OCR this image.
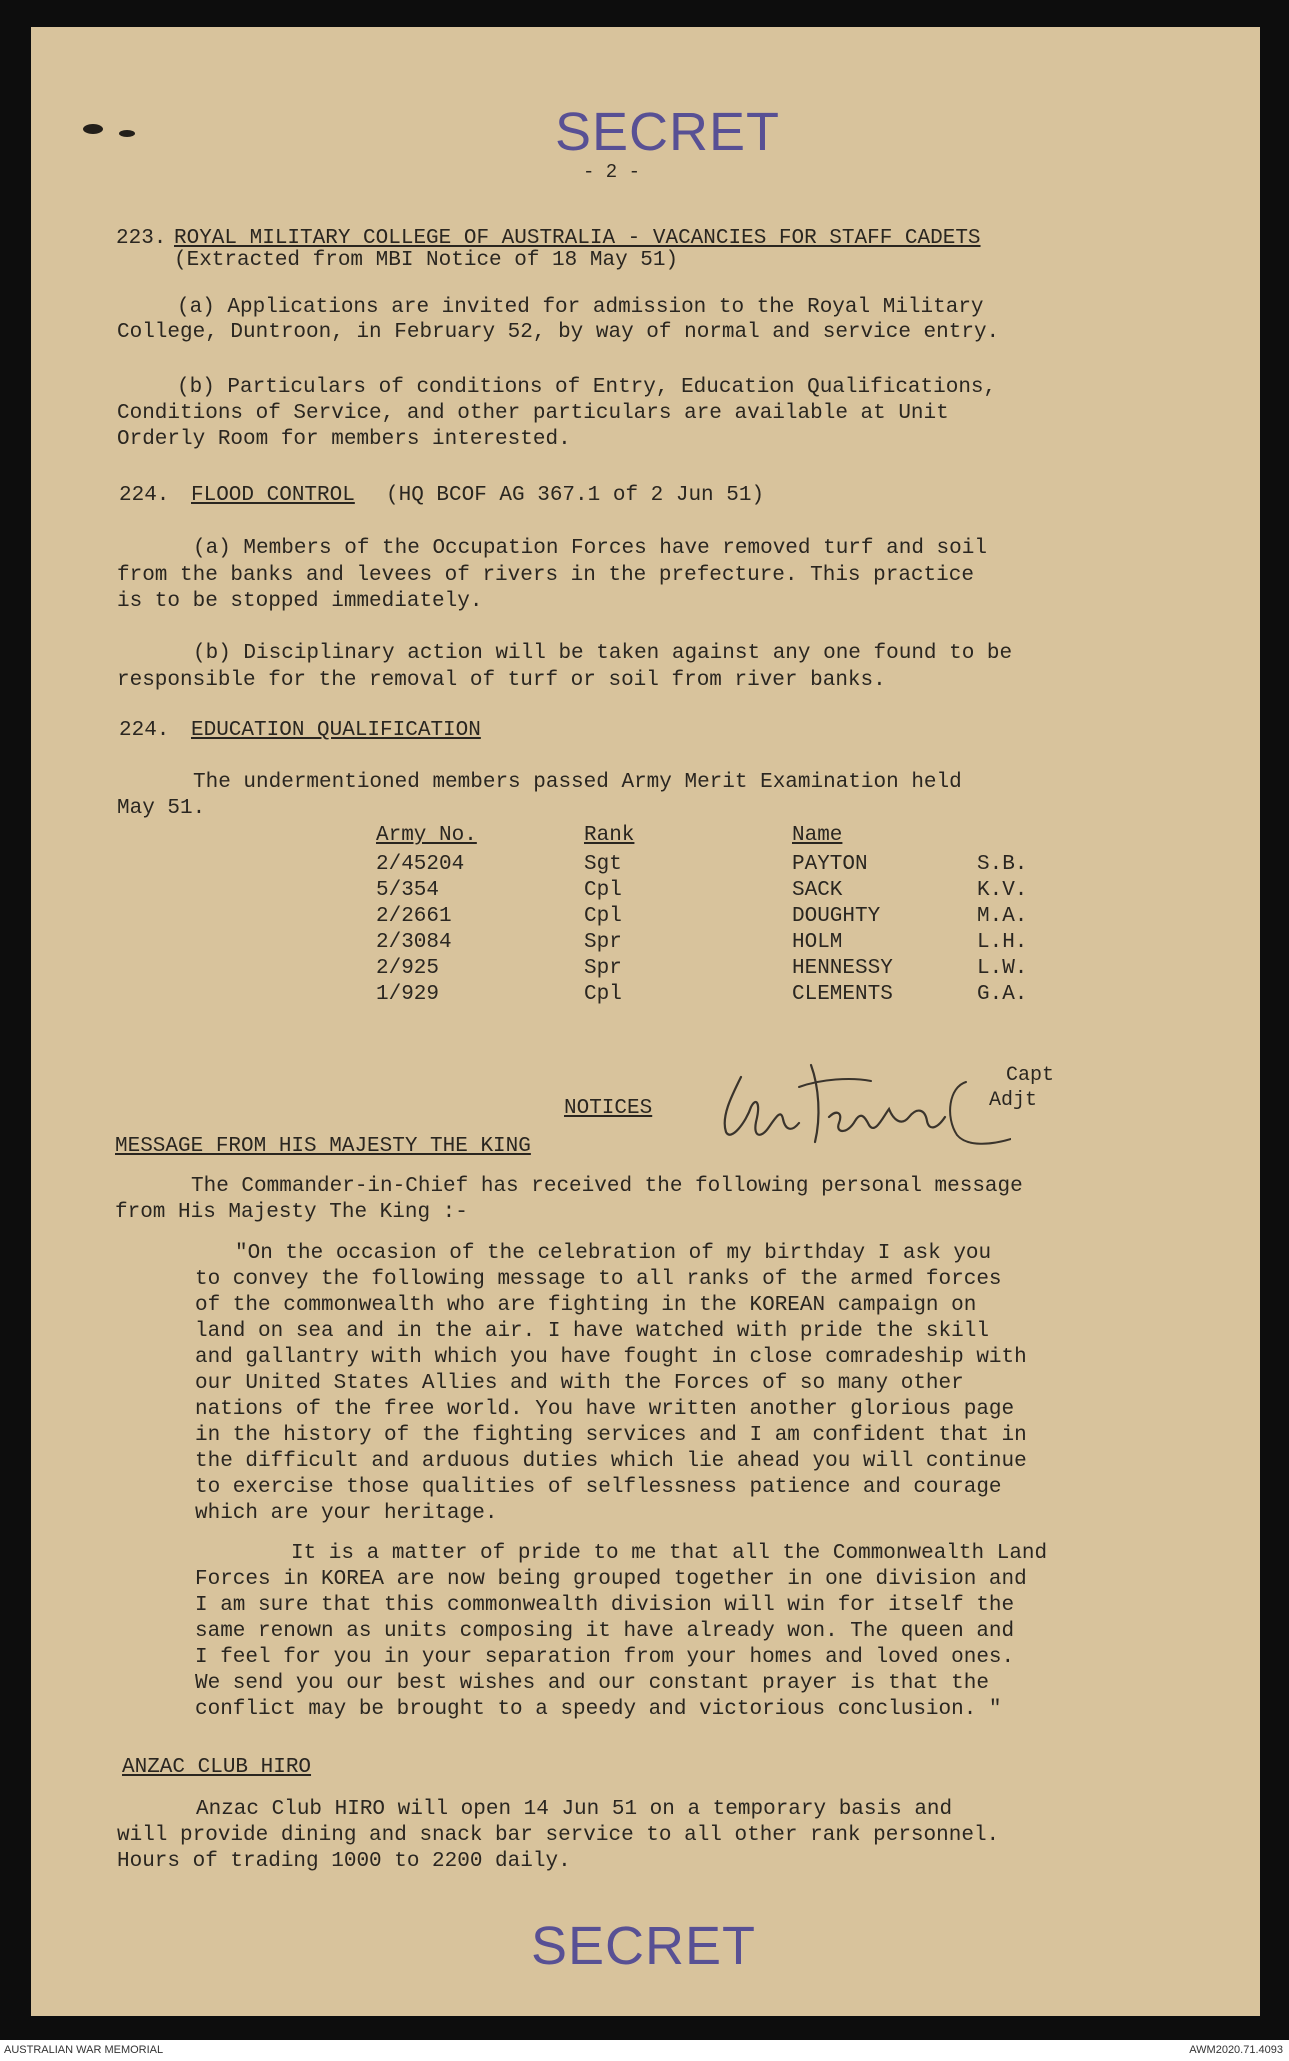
SECRET
- 2 -
223. ROYAL MILITARY COLLEGE OF AUSTRALIA - VACANCIES FOR STAFF CADETS
(Extracted from MBI Notice of 18 May 51)
(a) Applications are invited for admission to the Royal Military
College, Duntroon, in February 52, by way of normal and service entry.
(b) Particulars of conditions of Entry, Education Qualifications,
Conditions of Service, and other particulars are available at Unit
Orderly Room for members interested.
224. FLOOD CONTROL (HQ BCOF AG 367.1 of 2 Jun 51)
(a) Members of the Occupation Forces have removed turf and soil
from the banks and levees of rivers in the prefecture. This practice
is to be stopped immediately.
(b) Disciplinary action will be taken against any one found to be
responsible for the removal of turf or soil from river banks.
224. EDUCATION QUALIFICATION
The undermentioned members passed Army Merit Examination held
May 51.
Army No.	Rank	Name
2/45204	Sgt	PAYTON	S.B.
5/354	Cpl	SACK	K.V.
2/2661	Cpl	DOUGHTY	M.A.
2/3084	Spr	HOLM	L.H.
2/925	Spr	HENNESSY	L.W.
1/929	Cpl	CLEMENTS	G.A.
Capt
Adjt
NOTICES
MESSAGE FROM HIS MAJESTY THE KING
The Commander-in-Chief has received the following personal message
from His Majesty The King :-
"On the occasion of the celebration of my birthday I ask you
to convey the following message to all ranks of the armed forces
of the commonwealth who are fighting in the KOREAN campaign on
land on sea and in the air. I have watched with pride the skill
and gallantry with which you have fought in close comradeship with
our United States Allies and with the Forces of so many other
nations of the free world. You have written another glorious page
in the history of the fighting services and I am confident that in
the difficult and arduous duties which lie ahead you will continue
to exercise those qualities of selflessness patience and courage
which are your heritage.
It is a matter of pride to me that all the Commonwealth Land
Forces in KOREA are now being grouped together in one division and
I am sure that this commonwealth division will win for itself the
same renown as units composing it have already won. The queen and
I feel for you in your separation from your homes and loved ones.
We send you our best wishes and our constant prayer is that the
conflict may be brought to a speedy and victorious conclusion. "
ANZAC CLUB HIRO
Anzac Club HIRO will open 14 Jun 51 on a temporary basis and
will provide dining and snack bar service to all other rank personnel.
Hours of trading 1000 to 2200 daily.
SECRET
AUSTRALIAN WAR MEMORIAL	AWM2020.71.4093
